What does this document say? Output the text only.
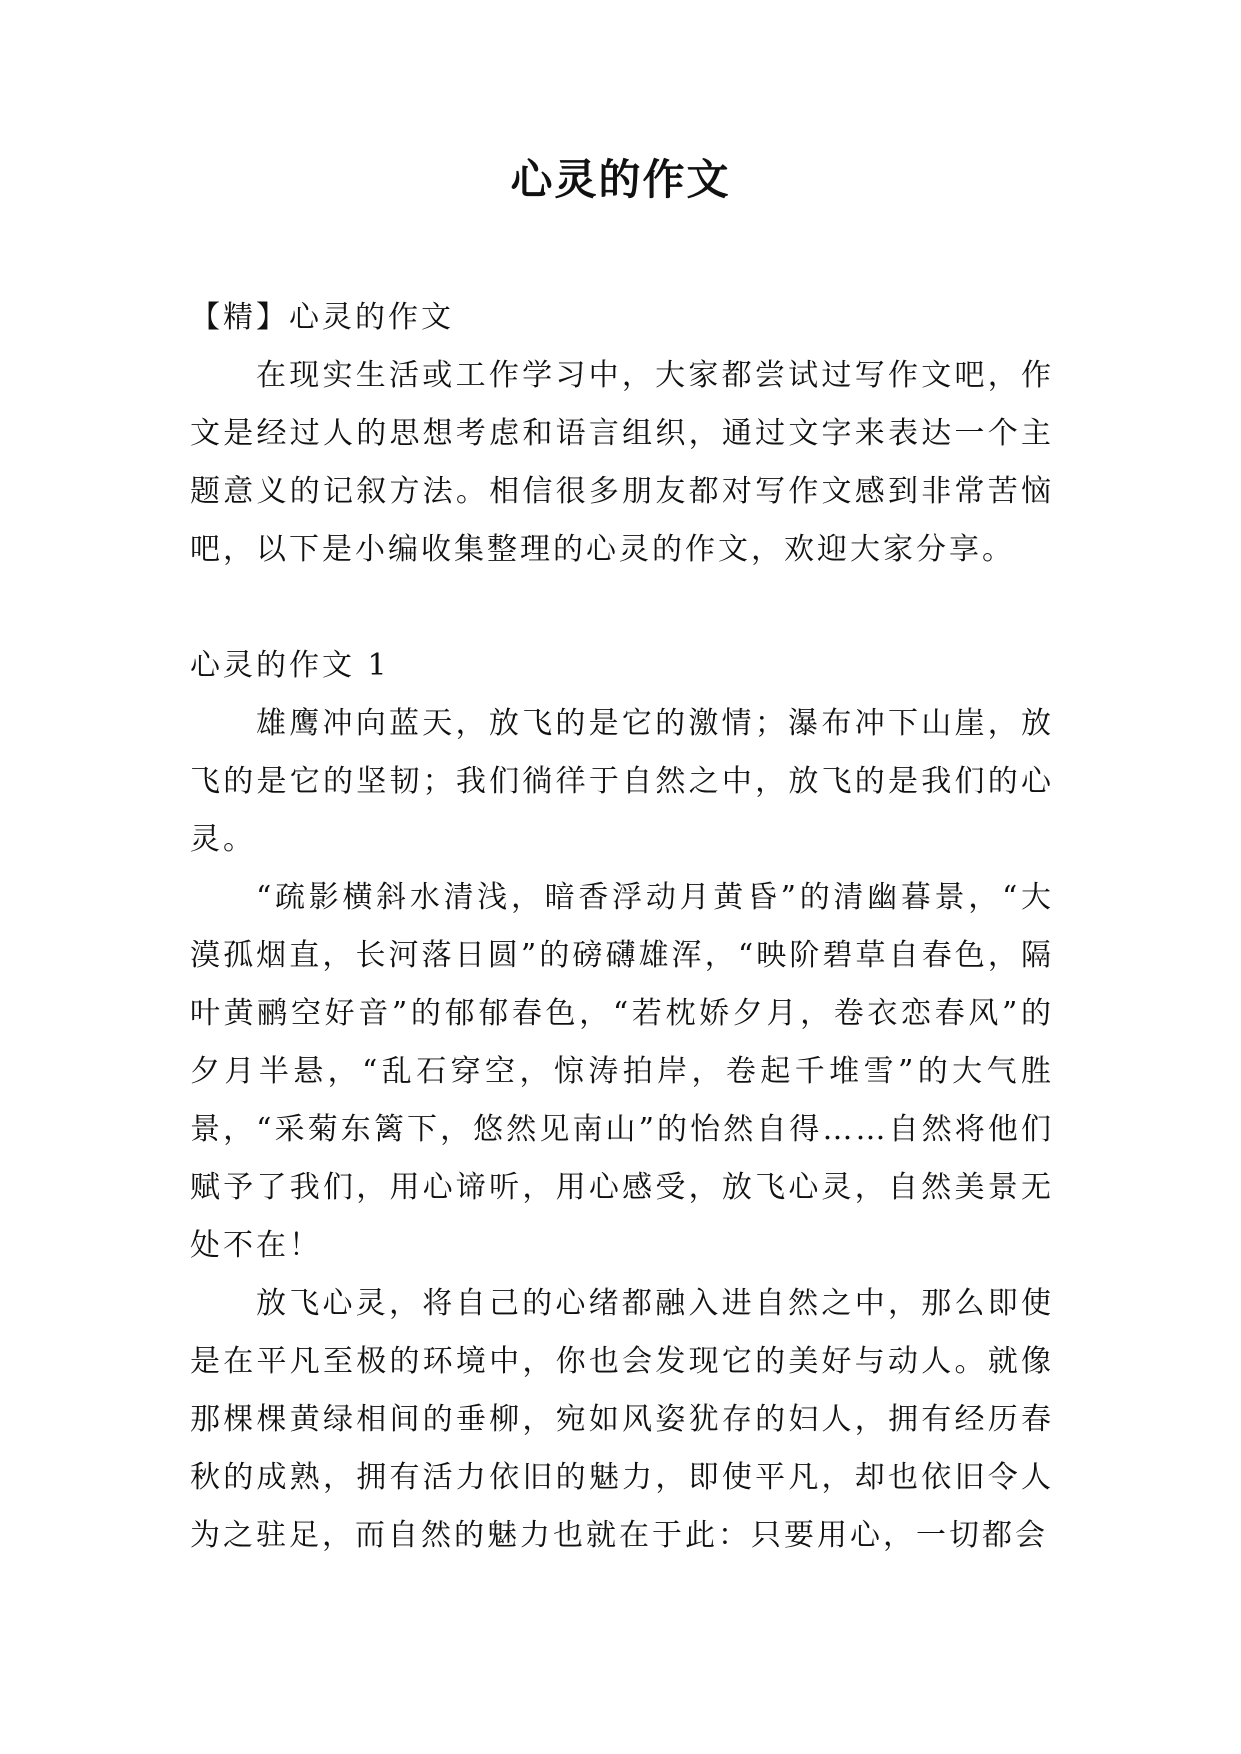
心灵的作文

【精】心灵的作文

在现实生活或工作学习中，大家都尝试过写作文吧，作文是经过人的思想考虑和语言组织，通过文字来表达一个主题意义的记叙方法。相信很多朋友都对写作文感到非常苦恼吧，以下是小编收集整理的心灵的作文，欢迎大家分享。

心灵的作文 1

雄鹰冲向蓝天，放飞的是它的激情；瀑布冲下山崖，放飞的是它的坚韧；我们徜徉于自然之中，放飞的是我们的心灵。

“疏影横斜水清浅，暗香浮动月黄昏”的清幽暮景，“大漠孤烟直，长河落日圆”的磅礴雄浑，“映阶碧草自春色，隔叶黄鹂空好音”的郁郁春色，“若枕娇夕月，卷衣恋春风”的夕月半悬，“乱石穿空，惊涛拍岸，卷起千堆雪”的大气胜景，“采菊东篱下，悠然见南山”的怡然自得……自然将他们赋予了我们，用心谛听，用心感受，放飞心灵，自然美景无处不在！

放飞心灵，将自己的心绪都融入进自然之中，那么即使是在平凡至极的环境中，你也会发现它的美好与动人。就像那棵棵黄绿相间的垂柳，宛如风姿犹存的妇人，拥有经历春秋的成熟，拥有活力依旧的魅力，即使平凡，却也依旧令人为之驻足，而自然的魅力也就在于此：只要用心，一切都会
